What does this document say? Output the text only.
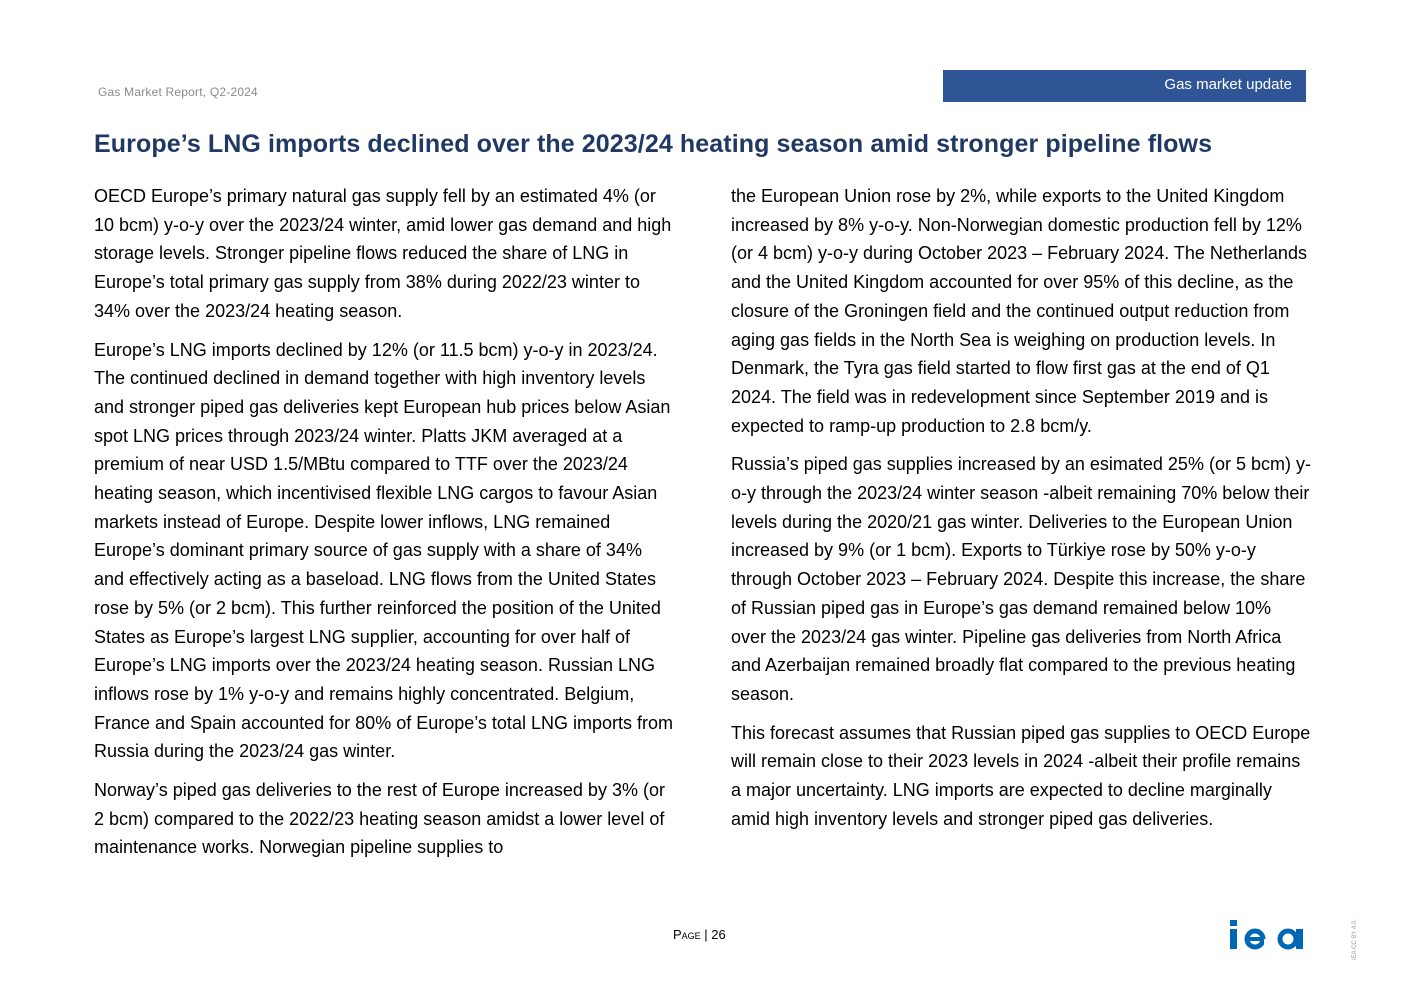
Gas Market Report, Q2-2024	Gas market update
Europe’s LNG imports declined over the 2023/24 heating season amid stronger pipeline flows

OECD Europe’s primary natural gas supply fell by an estimated 4% (or 10 bcm) y-o-y over the 2023/24 winter, amid lower gas demand and high storage levels. Stronger pipeline flows reduced the share of LNG in Europe’s total primary gas supply from 38% during 2022/23 winter to 34% over the 2023/24 heating season.

Europe’s LNG imports declined by 12% (or 11.5 bcm) y-o-y in 2023/24. The continued declined in demand together with high inventory levels and stronger piped gas deliveries kept European hub prices below Asian spot LNG prices through 2023/24 winter. Platts JKM averaged at a premium of near USD 1.5/MBtu compared to TTF over the 2023/24 heating season, which incentivised flexible LNG cargos to favour Asian markets instead of Europe. Despite lower inflows, LNG remained Europe’s dominant primary source of gas supply with a share of 34% and effectively acting as a baseload. LNG flows from the United States rose by 5% (or 2 bcm). This further reinforced the position of the United States as Europe’s largest LNG supplier, accounting for over half of Europe’s LNG imports over the 2023/24 heating season. Russian LNG inflows rose by 1% y-o-y and remains highly concentrated. Belgium, France and Spain accounted for 80% of Europe’s total LNG imports from Russia during the 2023/24 gas winter.

Norway’s piped gas deliveries to the rest of Europe increased by 3% (or 2 bcm) compared to the 2022/23 heating season amidst a lower level of maintenance works. Norwegian pipeline supplies to

the European Union rose by 2%, while exports to the United Kingdom increased by 8% y-o-y. Non-Norwegian domestic production fell by 12% (or 4 bcm) y-o-y during October 2023 – February 2024. The Netherlands and the United Kingdom accounted for over 95% of this decline, as the closure of the Groningen field and the continued output reduction from aging gas fields in the North Sea is weighing on production levels. In Denmark, the Tyra gas field started to flow first gas at the end of Q1 2024. The field was in redevelopment since September 2019 and is expected to ramp-up production to 2.8 bcm/y.

Russia’s piped gas supplies increased by an esimated 25% (or 5 bcm) y-o-y through the 2023/24 winter season -albeit remaining 70% below their levels during the 2020/21 gas winter. Deliveries to the European Union increased by 9% (or 1 bcm). Exports to Türkiye rose by 50% y-o-y through October 2023 – February 2024. Despite this increase, the share of Russian piped gas in Europe’s gas demand remained below 10% over the 2023/24 gas winter. Pipeline gas deliveries from North Africa and Azerbaijan remained broadly flat compared to the previous heating season.

This forecast assumes that Russian piped gas supplies to OECD Europe will remain close to their 2023 levels in 2024 -albeit their profile remains a major uncertainty. LNG imports are expected to decline marginally amid high inventory levels and stronger piped gas deliveries.

Page | 26	IEA CC BY 4.0.
